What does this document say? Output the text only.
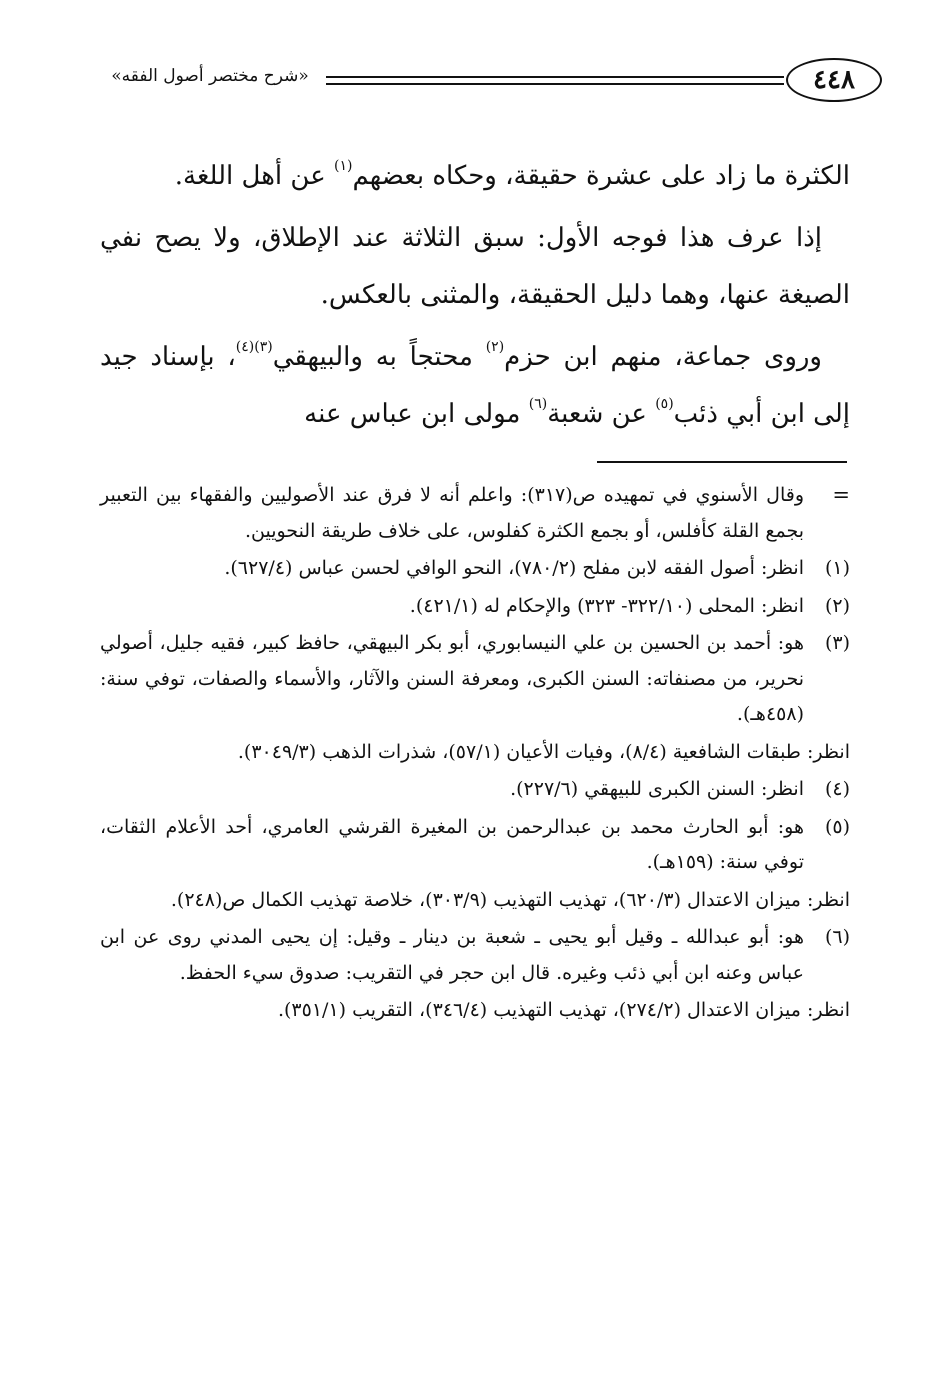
٤٤٨
«شرح مختصر أصول الفقه»

الكثرة ما زاد على عشرة حقيقة، وحكاه بعضهم$^{(١)}$ عن أهل اللغة.

إذا عرف هذا فوجه الأول: سبق الثلاثة عند الإطلاق، ولا يصح نفي الصيغة عنها، وهما دليل الحقيقة، والمثنى بالعكس.

وروى جماعة، منهم ابن حزم$^{(٢)}$ محتجاً به والبيهقي$^{(٣)(٤)}$، بإسناد جيد إلى ابن أبي ذئب$^{(٥)}$ عن شعبة$^{(٦)}$ مولى ابن عباس عنه

=
وقال الأسنوي في تمهيده ص(٣١٧): واعلم أنه لا فرق عند الأصوليين والفقهاء بين التعبير بجمع القلة كأفلس، أو بجمع الكثرة كفلوس، على خلاف طريقة النحويين.
(١)
انظر: أصول الفقه لابن مفلح (٧٨٠/٢)، النحو الوافي لحسن عباس (٦٢٧/٤).
(٢)
انظر: المحلى (٣٢٢/١٠- ٣٢٣) والإحكام له (٤٢١/١).
(٣)
هو: أحمد بن الحسين بن علي النيسابوري، أبو بكر البيهقي، حافظ كبير، فقيه جليل، أصولي نحرير، من مصنفاته: السنن الكبرى، ومعرفة السنن والآثار، والأسماء والصفات، توفي سنة: (٤٥٨هـ).
انظر: طبقات الشافعية (٨/٤)، وفيات الأعيان (٥٧/١)، شذرات الذهب (٣٠٤٩/٣).
(٤)
انظر: السنن الكبرى للبيهقي (٢٢٧/٦).
(٥)
هو: أبو الحارث محمد بن عبدالرحمن بن المغيرة القرشي العامري، أحد الأعلام الثقات، توفي سنة: (١٥٩هـ).
انظر: ميزان الاعتدال (٦٢٠/٣)، تهذيب التهذيب (٣٠٣/٩)، خلاصة تهذيب الكمال ص(٢٤٨).
(٦)
هو: أبو عبدالله ـ وقيل أبو يحيى ـ شعبة بن دينار ـ وقيل: إن يحيى المدني روى عن ابن عباس وعنه ابن أبي ذئب وغيره. قال ابن حجر في التقريب: صدوق سيء الحفظ.
انظر: ميزان الاعتدال (٢٧٤/٢)، تهذيب التهذيب (٣٤٦/٤)، التقريب (٣٥١/١).
